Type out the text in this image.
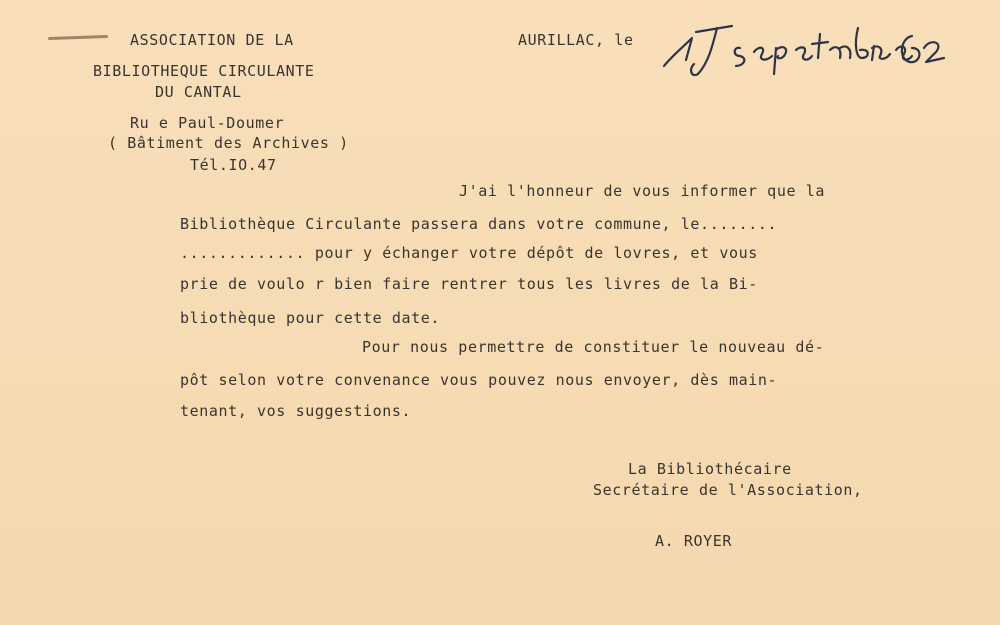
ASSOCIATION DE LA
BIBLIOTHEQUE CIRCULANTE
DU CANTAL
Ru e Paul-Doumer
( Bâtiment des Archives )
Tél.IO.47
AURILLAC, le
J'ai l'honneur de vous informer que la
Bibliothèque Circulante passera dans votre commune, le........
............. pour y échanger votre dépôt de lovres, et vous
prie de voulo r bien faire rentrer tous les livres de la Bi-
bliothèque pour cette date.
Pour nous permettre de constituer le nouveau dé-
pôt selon votre convenance vous pouvez nous envoyer, dès main-
tenant, vos suggestions.
La Bibliothécaire
Secrétaire de l'Association,
A. ROYER
